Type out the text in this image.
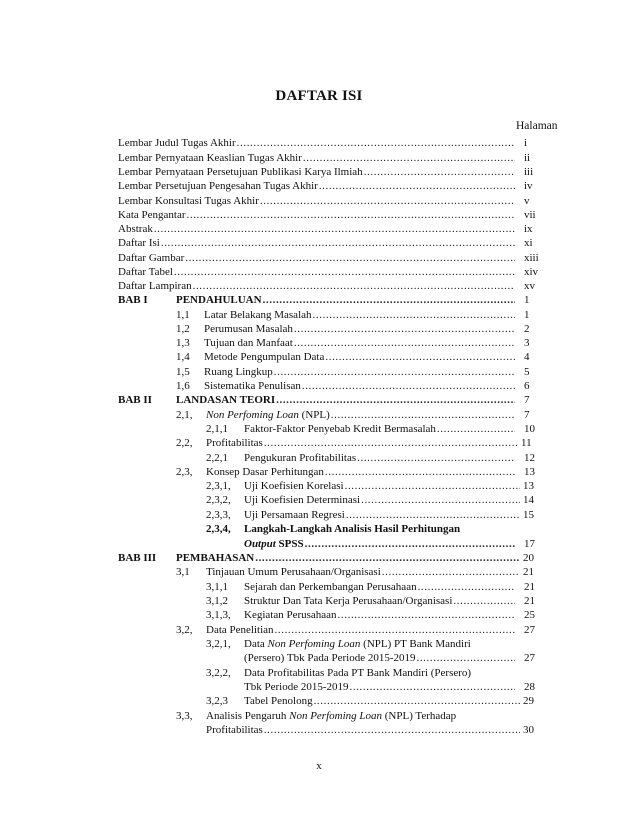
DAFTAR ISI
Halaman
Lembar Judul Tugas Akhir .....	i
Lembar Pernyataan Keaslian Tugas Akhir .....	ii
Lembar Pernyataan Persetujuan Publikasi Karya Ilmiah .....	iii
Lembar Persetujuan Pengesahan Tugas Akhir .....	iv
Lembar Konsultasi Tugas Akhir .....	v
Kata Pengantar .....	vii
Abstrak .....	ix
Daftar Isi .....	xi
Daftar Gambar .....	xiii
Daftar Tabel .....	xiv
Daftar Lampiran .....	xv
BAB I	PENDAHULUAN .....	1
1,1 Latar Belakang Masalah .....	1
1,2 Perumusan Masalah .....	2
1,3 Tujuan dan Manfaat .....	3
1,4 Metode Pengumpulan Data .....	4
1,5 Ruang Lingkup .....	5
1,6 Sistematika Penulisan .....	6
BAB II LANDASAN TEORI .....	7
2,1, Non Perfoming Loan (NPL) .....	7
2,1,1 Faktor-Faktor Penyebab Kredit Bermasalah .....	10
2,2, Profitabilitas .....	11
2,2,1 Pengukuran Profitabilitas .....	12
2,3, Konsep Dasar Perhitungan .....	13
2,3,1, Uji Koefisien Korelasi .....	13
2,3,2, Uji Koefisien Determinasi .....	14
2,3,3, Uji Persamaan Regresi .....	15
2,3,4, Langkah-Langkah Analisis Hasil Perhitungan
Output SPSS .....	17
BAB III PEMBAHASAN .....	20
3,1 Tinjauan Umum Perusahaan/Organisasi .....	21
3,1,1 Sejarah dan Perkembangan Perusahaan .....	21
3,1,2 Struktur Dan Tata Kerja Perusahaan/Organisasi .....	21
3,1,3, Kegiatan Perusahaan .....	25
3,2, Data Penelitian .....	27
3,2,1, Data Non Perfoming Loan (NPL) PT Bank Mandiri
(Persero) Tbk Pada Periode 2015-2019 .....	27
3,2,2, Data Profitabilitas Pada PT Bank Mandiri (Persero)
Tbk Periode 2015-2019 .....	28
3,2,3 Tabel Penolong .....	29
3,3, Analisis Pengaruh Non Perfoming Loan (NPL) Terhadap
Profitabilitas .....	30
x
